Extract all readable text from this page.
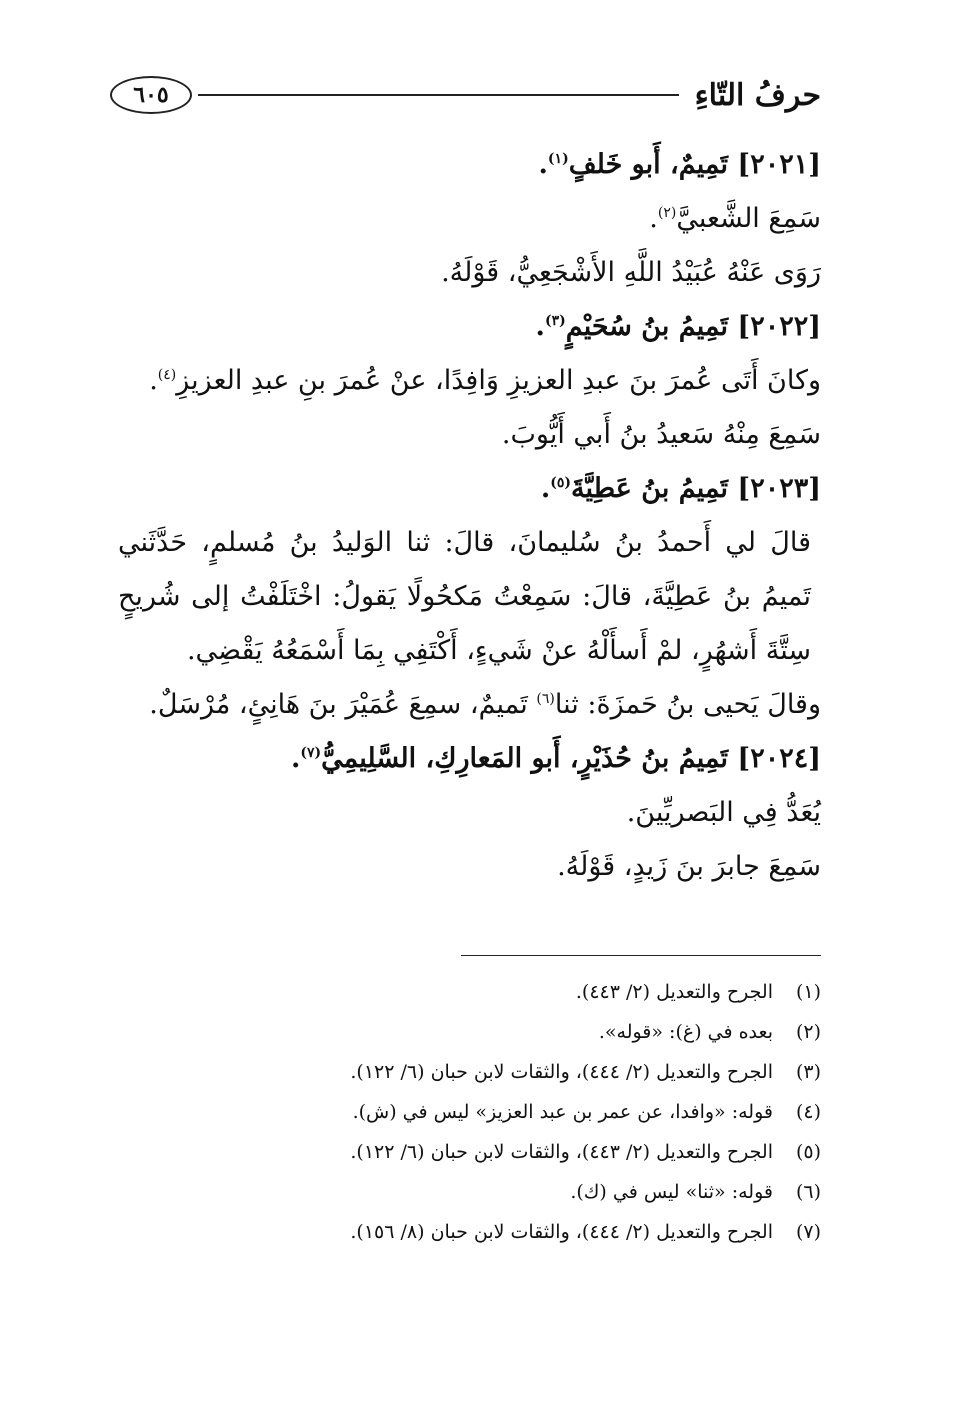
حرفُ التّاءِ
٦٠٥
[٢٠٢١] تَمِيمٌ، أَبو خَلفٍ$^{(١)}$.
سَمِعَ الشَّعبيَّ$^{(٢)}$.
رَوَى عَنْهُ عُبَيْدُ اللَّهِ الأَشْجَعِيُّ، قَوْلَهُ.
[٢٠٢٢] تَمِيمُ بنُ سُحَيْمٍ$^{(٣)}$.
وكانَ أَتَى عُمرَ بنَ عبدِ العزيزِ وَافِدًا، عنْ عُمرَ بنِ عبدِ العزيزِ$^{(٤)}$.
سَمِعَ مِنْهُ سَعيدُ بنُ أَبي أَيُّوبَ.
[٢٠٢٣] تَمِيمُ بنُ عَطِيَّةَ$^{(٥)}$.
قالَ لي أَحمدُ بنُ سُليمانَ، قالَ: ثنا الوَليدُ بنُ مُسلمٍ، حَدَّثَني تَميمُ بنُ عَطِيَّةَ، قالَ: سَمِعْتُ مَكحُولًا يَقولُ: اخْتَلَفْتُ إلى شُريحٍ سِتَّةَ أَشهُرٍ، لمْ أَسأَلْهُ عنْ شَيءٍ، أَكْتَفِي بِمَا أَسْمَعُهُ يَقْضِي.
وقالَ يَحيى بنُ حَمزَةَ: ثنا$^{(٦)}$ تَميمٌ، سمِعَ عُمَيْرَ بنَ هَانِئٍ، مُرْسَلٌ.
[٢٠٢٤] تَمِيمُ بنُ حُذَيْرٍ، أَبو المَعارِكِ، السَّلِيمِيُّ$^{(٧)}$.
يُعَدُّ فِي البَصريِّينَ.
سَمِعَ جابرَ بنَ زَيدٍ، قَوْلَهُ.
(١)
الجرح والتعديل (٢/ ٤٤٣).
(٢)
بعده في (غ): «قوله».
(٣)
الجرح والتعديل (٢/ ٤٤٤)، والثقات لابن حبان (٦/ ١٢٢).
(٤)
قوله: «وافدا، عن عمر بن عبد العزيز» ليس في (ش).
(٥)
الجرح والتعديل (٢/ ٤٤٣)، والثقات لابن حبان (٦/ ١٢٢).
(٦)
قوله: «ثنا» ليس في (ك).
(٧)
الجرح والتعديل (٢/ ٤٤٤)، والثقات لابن حبان (٨/ ١٥٦).
